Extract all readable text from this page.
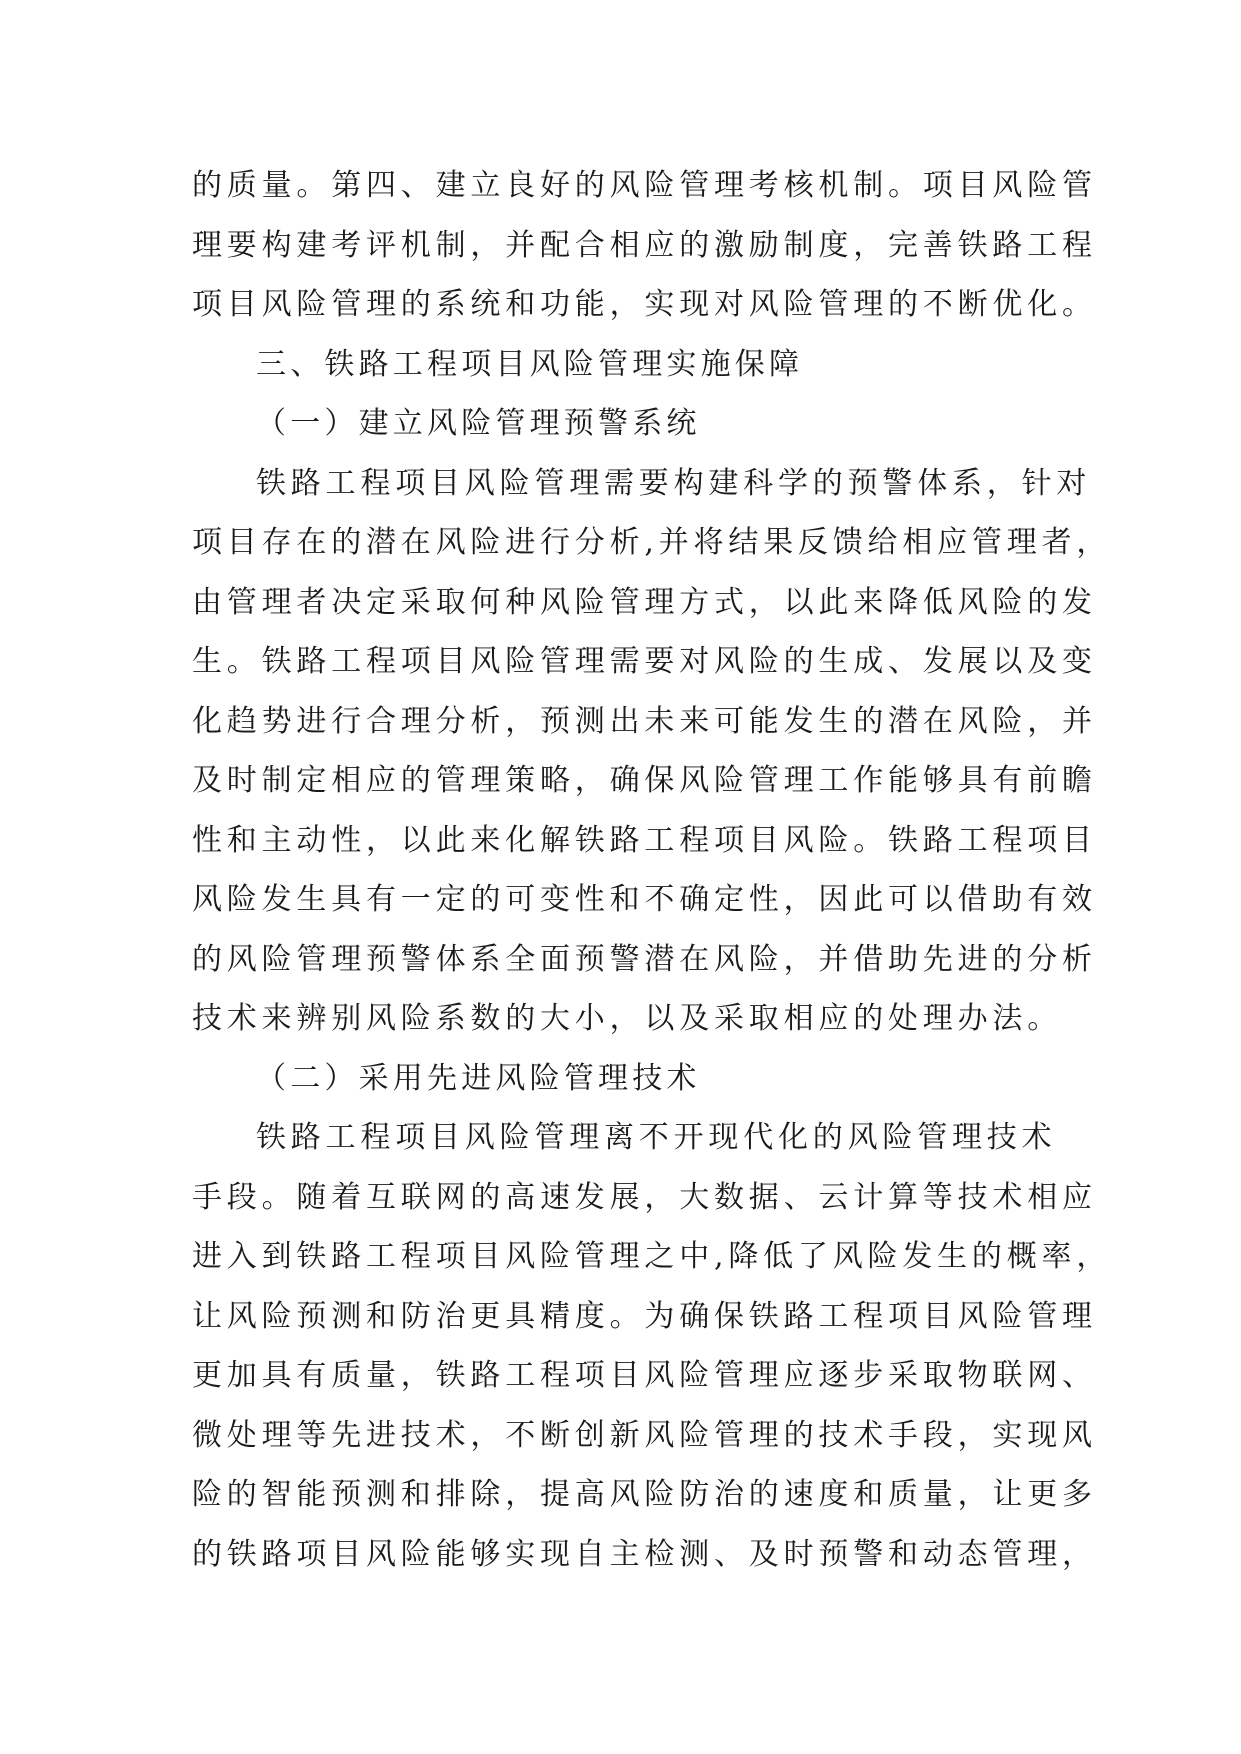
的质量。第四、建立良好的风险管理考核机制。项目风险管
理要构建考评机制，并配合相应的激励制度，完善铁路工程
项目风险管理的系统和功能，实现对风险管理的不断优化。
三、铁路工程项目风险管理实施保障
（一）建立风险管理预警系统
铁路工程项目风险管理需要构建科学的预警体系，针对
项目存在的潜在风险进行分析,并将结果反馈给相应管理者，
由管理者决定采取何种风险管理方式，以此来降低风险的发
生。铁路工程项目风险管理需要对风险的生成、发展以及变
化趋势进行合理分析，预测出未来可能发生的潜在风险，并
及时制定相应的管理策略，确保风险管理工作能够具有前瞻
性和主动性，以此来化解铁路工程项目风险。铁路工程项目
风险发生具有一定的可变性和不确定性，因此可以借助有效
的风险管理预警体系全面预警潜在风险，并借助先进的分析
技术来辨别风险系数的大小，以及采取相应的处理办法。
（二）采用先进风险管理技术
铁路工程项目风险管理离不开现代化的风险管理技术
手段。随着互联网的高速发展，大数据、云计算等技术相应
进入到铁路工程项目风险管理之中,降低了风险发生的概率，
让风险预测和防治更具精度。为确保铁路工程项目风险管理
更加具有质量，铁路工程项目风险管理应逐步采取物联网、
微处理等先进技术，不断创新风险管理的技术手段，实现风
险的智能预测和排除，提高风险防治的速度和质量，让更多
的铁路项目风险能够实现自主检测、及时预警和动态管理，
